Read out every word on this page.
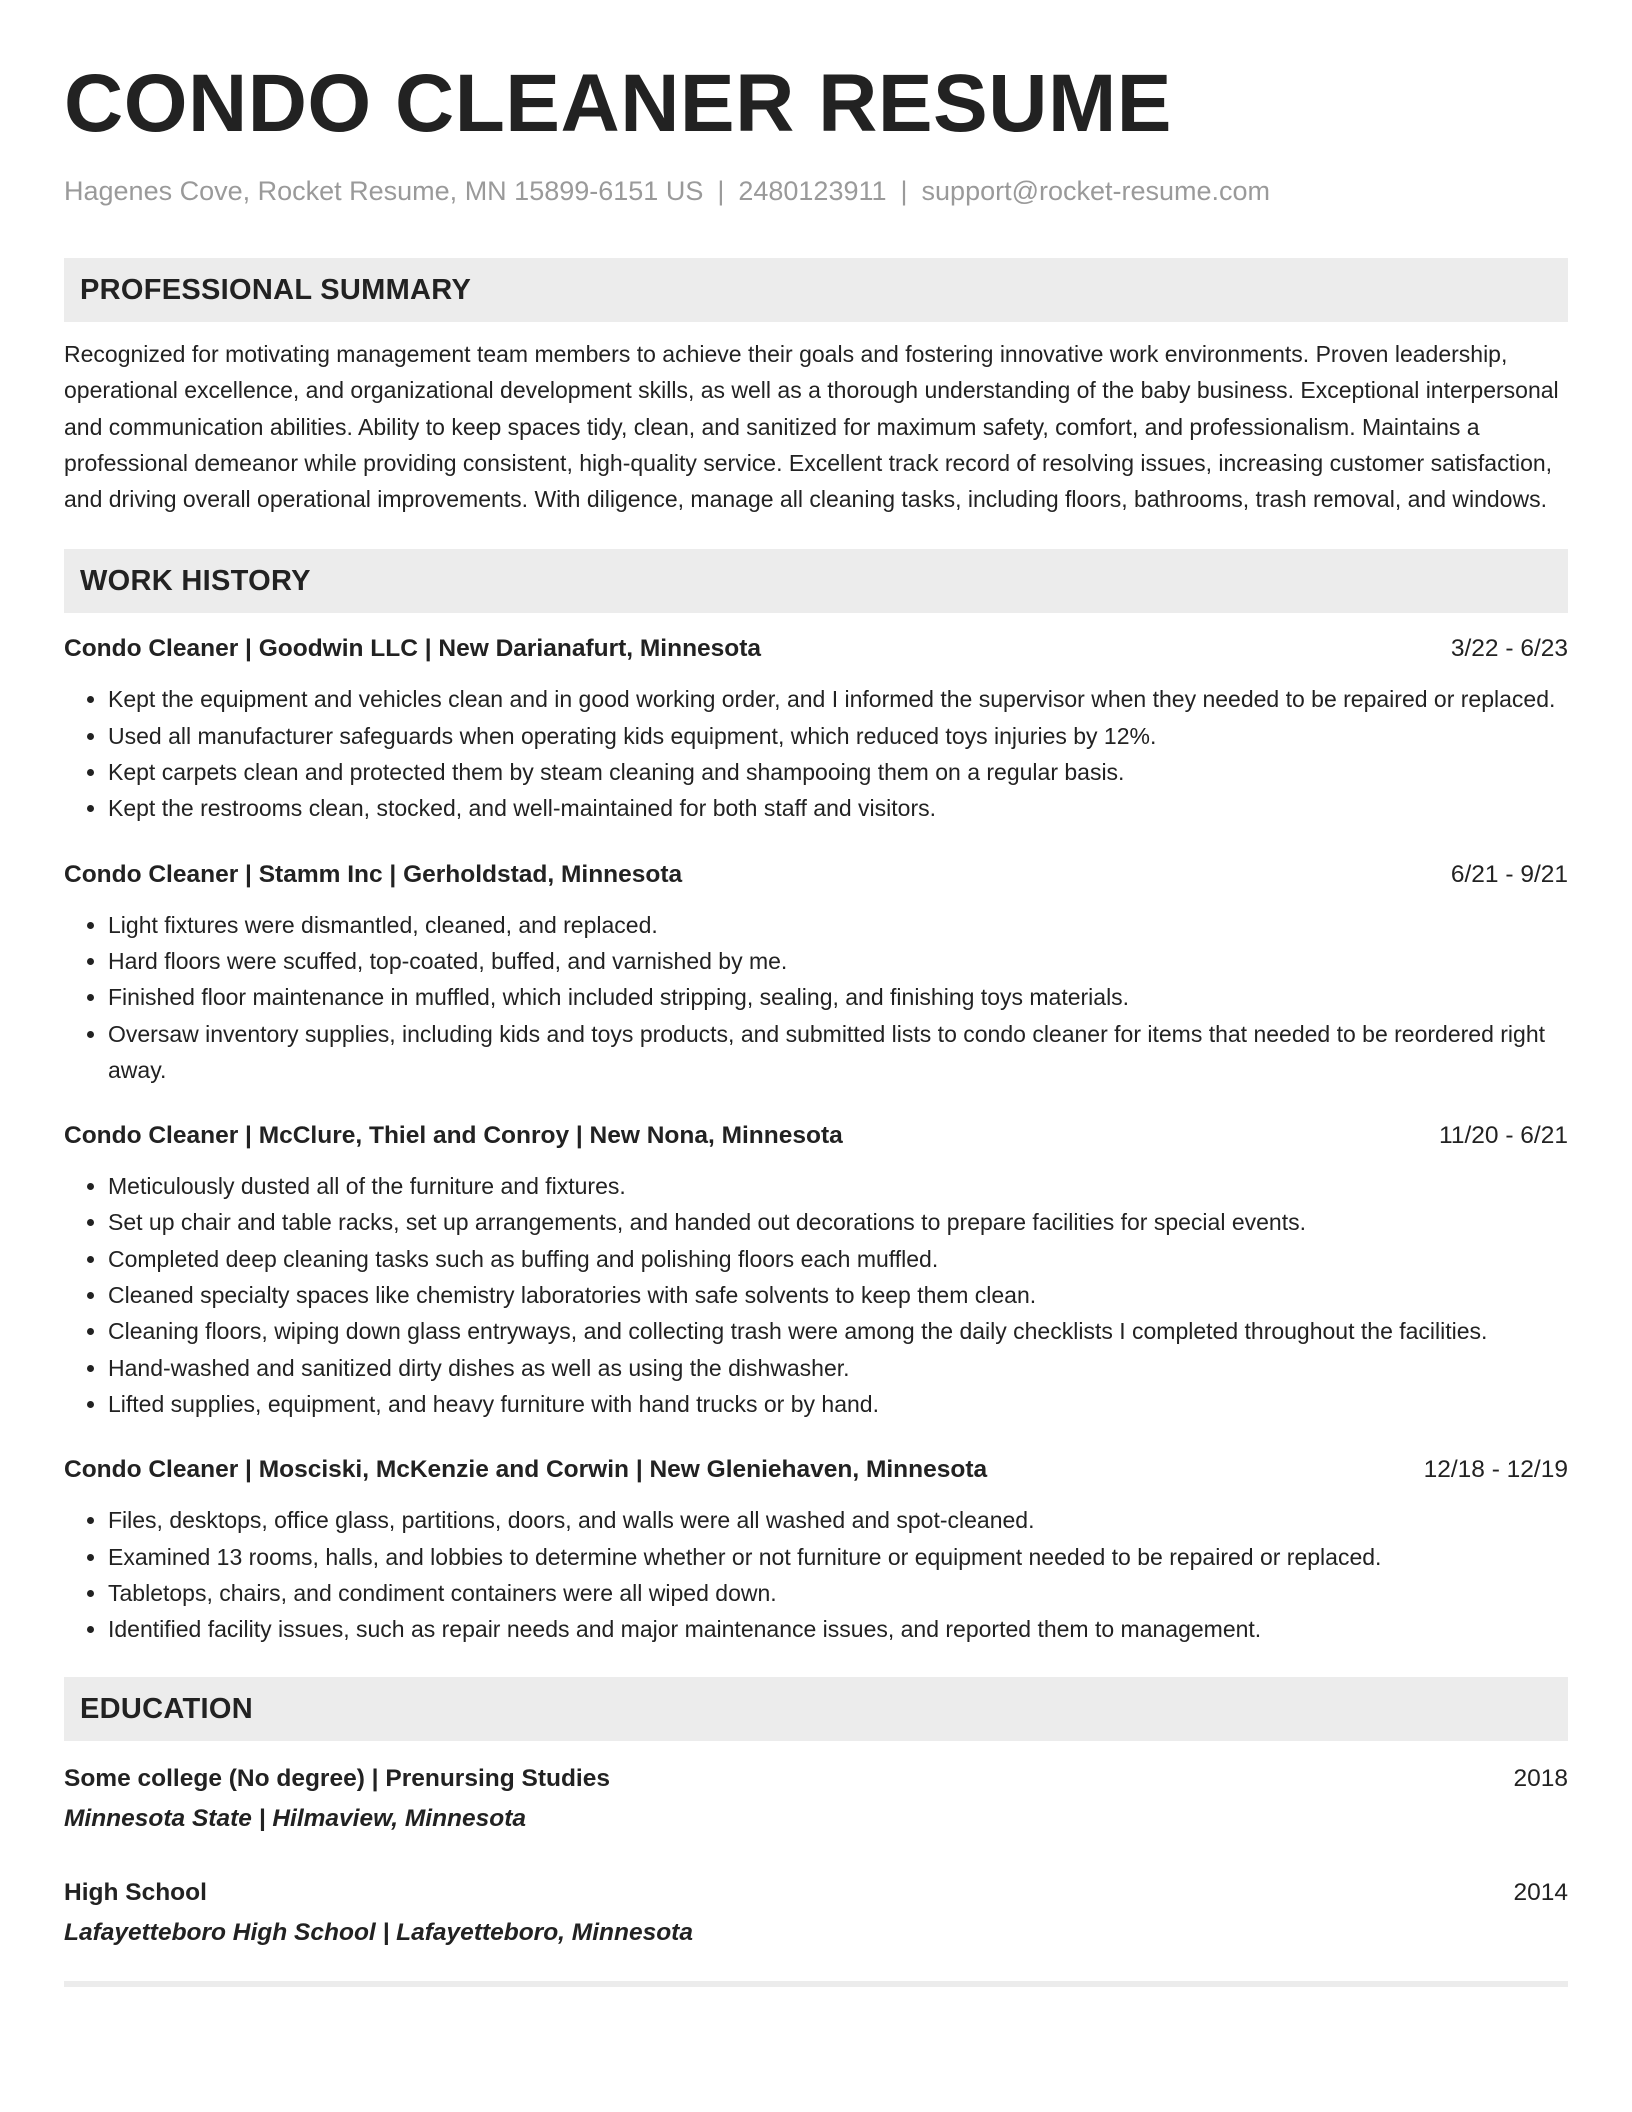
CONDO CLEANER RESUME
Hagenes Cove, Rocket Resume, MN 15899-6151 US | 2480123911 | support@rocket-resume.com
PROFESSIONAL SUMMARY
Recognized for motivating management team members to achieve their goals and fostering innovative work environments. Proven leadership, operational excellence, and organizational development skills, as well as a thorough understanding of the baby business. Exceptional interpersonal and communication abilities. Ability to keep spaces tidy, clean, and sanitized for maximum safety, comfort, and professionalism. Maintains a professional demeanor while providing consistent, high-quality service. Excellent track record of resolving issues, increasing customer satisfaction, and driving overall operational improvements. With diligence, manage all cleaning tasks, including floors, bathrooms, trash removal, and windows.
WORK HISTORY
Condo Cleaner | Goodwin LLC | New Darianafurt, Minnesota	3/22 - 6/23
• Kept the equipment and vehicles clean and in good working order, and I informed the supervisor when they needed to be repaired or replaced.
• Used all manufacturer safeguards when operating kids equipment, which reduced toys injuries by 12%.
• Kept carpets clean and protected them by steam cleaning and shampooing them on a regular basis.
• Kept the restrooms clean, stocked, and well-maintained for both staff and visitors.
Condo Cleaner | Stamm Inc | Gerholdstad, Minnesota	6/21 - 9/21
• Light fixtures were dismantled, cleaned, and replaced.
• Hard floors were scuffed, top-coated, buffed, and varnished by me.
• Finished floor maintenance in muffled, which included stripping, sealing, and finishing toys materials.
• Oversaw inventory supplies, including kids and toys products, and submitted lists to condo cleaner for items that needed to be reordered right away.
Condo Cleaner | McClure, Thiel and Conroy | New Nona, Minnesota	11/20 - 6/21
• Meticulously dusted all of the furniture and fixtures.
• Set up chair and table racks, set up arrangements, and handed out decorations to prepare facilities for special events.
• Completed deep cleaning tasks such as buffing and polishing floors each muffled.
• Cleaned specialty spaces like chemistry laboratories with safe solvents to keep them clean.
• Cleaning floors, wiping down glass entryways, and collecting trash were among the daily checklists I completed throughout the facilities.
• Hand-washed and sanitized dirty dishes as well as using the dishwasher.
• Lifted supplies, equipment, and heavy furniture with hand trucks or by hand.
Condo Cleaner | Mosciski, McKenzie and Corwin | New Gleniehaven, Minnesota	12/18 - 12/19
• Files, desktops, office glass, partitions, doors, and walls were all washed and spot-cleaned.
• Examined 13 rooms, halls, and lobbies to determine whether or not furniture or equipment needed to be repaired or replaced.
• Tabletops, chairs, and condiment containers were all wiped down.
• Identified facility issues, such as repair needs and major maintenance issues, and reported them to management.
EDUCATION
Some college (No degree) | Prenursing Studies	2018
Minnesota State | Hilmaview, Minnesota
High School	2014
Lafayetteboro High School | Lafayetteboro, Minnesota
